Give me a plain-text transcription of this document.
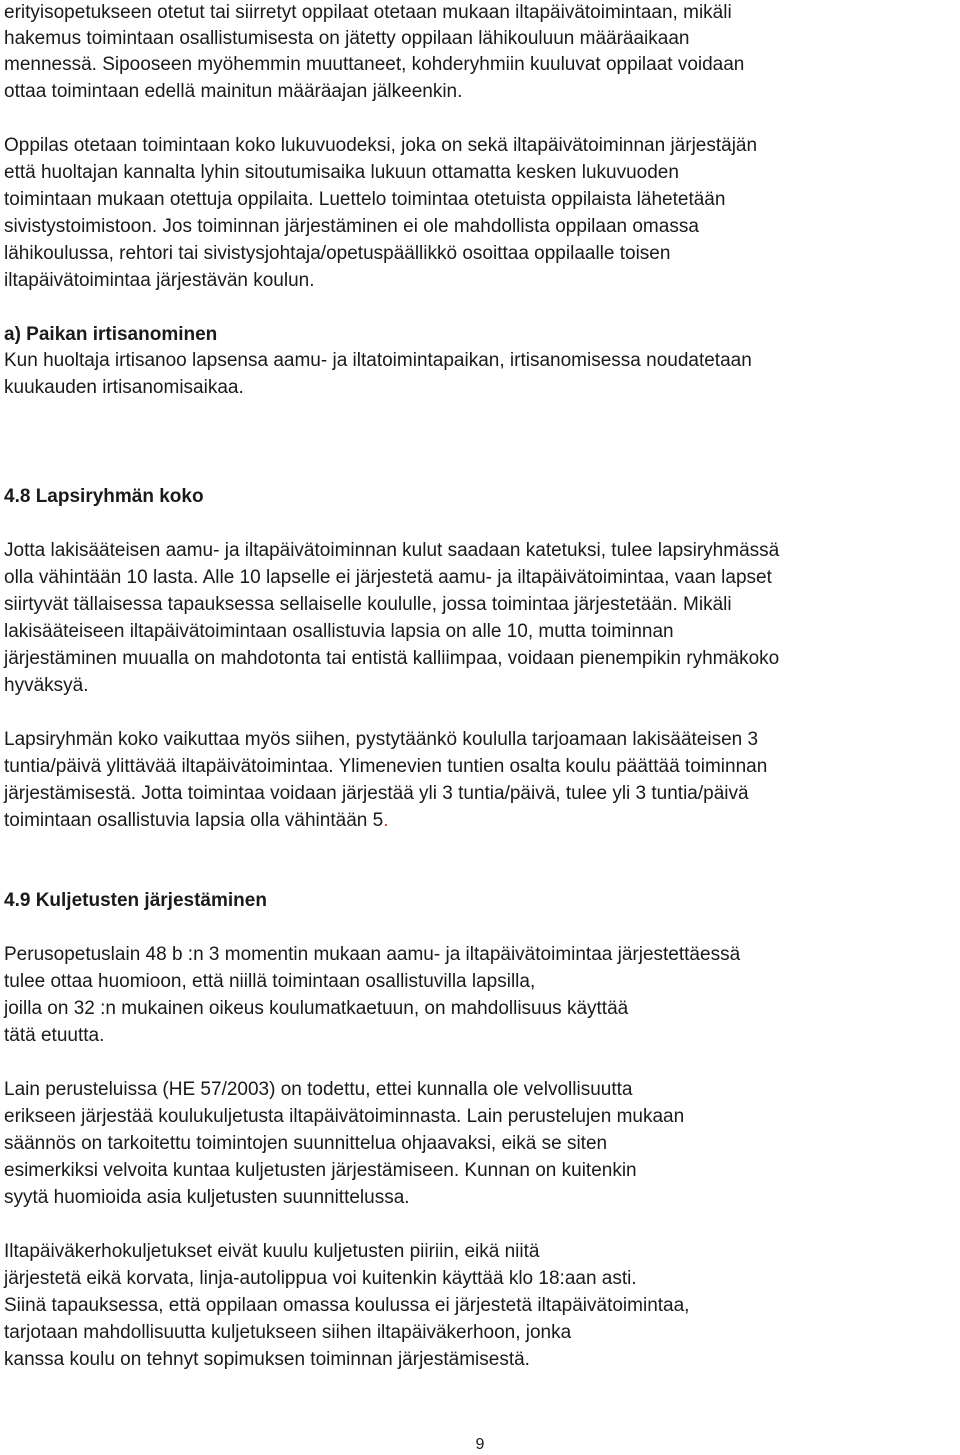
erityisopetukseen otetut tai siirretyt oppilaat otetaan mukaan iltapäivätoimintaan, mikäli
hakemus toimintaan osallistumisesta on jätetty oppilaan lähikouluun määräaikaan
mennessä. Sipooseen myöhemmin muuttaneet, kohderyhmiin kuuluvat oppilaat voidaan
ottaa toimintaan edellä mainitun määräajan jälkeenkin.
Oppilas otetaan toimintaan koko lukuvuodeksi, joka on sekä iltapäivätoiminnan järjestäjän
että huoltajan kannalta lyhin sitoutumisaika lukuun ottamatta kesken lukuvuoden
toimintaan mukaan otettuja oppilaita. Luettelo toimintaa otetuista oppilaista lähetetään
sivistystoimistoon. Jos toiminnan järjestäminen ei ole mahdollista oppilaan omassa
lähikoulussa, rehtori tai sivistysjohtaja/opetuspäällikkö osoittaa oppilaalle toisen
iltapäivätoimintaa järjestävän koulun.
a) Paikan irtisanominen
Kun huoltaja irtisanoo lapsensa aamu- ja iltatoimintapaikan, irtisanomisessa noudatetaan
kuukauden irtisanomisaikaa.
4.8 Lapsiryhmän koko
Jotta lakisääteisen aamu- ja iltapäivätoiminnan kulut saadaan katetuksi, tulee lapsiryhmässä
olla vähintään 10 lasta. Alle 10 lapselle ei järjestetä aamu- ja iltapäivätoimintaa, vaan lapset
siirtyvät tällaisessa tapauksessa sellaiselle koululle, jossa toimintaa järjestetään. Mikäli
lakisääteiseen iltapäivätoimintaan osallistuvia lapsia on alle 10, mutta toiminnan
järjestäminen muualla on mahdotonta tai entistä kalliimpaa, voidaan pienempikin ryhmäkoko
hyväksyä.
Lapsiryhmän koko vaikuttaa myös siihen, pystytäänkö koululla tarjoamaan lakisääteisen 3
tuntia/päivä ylittävää iltapäivätoimintaa. Ylimenevien tuntien osalta koulu päättää toiminnan
järjestämisestä. Jotta toimintaa voidaan järjestää yli 3 tuntia/päivä, tulee yli 3 tuntia/päivä
toimintaan osallistuvia lapsia olla vähintään 5.
4.9 Kuljetusten järjestäminen
Perusopetuslain 48 b :n 3 momentin mukaan aamu- ja iltapäivätoimintaa järjestettäessä
tulee ottaa huomioon, että niillä toimintaan osallistuvilla lapsilla,
joilla on 32 :n mukainen oikeus koulumatkaetuun, on mahdollisuus käyttää
tätä etuutta.
Lain perusteluissa (HE 57/2003) on todettu, ettei kunnalla ole velvollisuutta
erikseen järjestää koulukuljetusta iltapäivätoiminnasta. Lain perustelujen mukaan
säännös on tarkoitettu toimintojen suunnittelua ohjaavaksi, eikä se siten
esimerkiksi velvoita kuntaa kuljetusten järjestämiseen. Kunnan on kuitenkin
syytä huomioida asia kuljetusten suunnittelussa.
Iltapäiväkerhokuljetukset eivät kuulu kuljetusten piiriin, eikä niitä
järjestetä eikä korvata, linja-autolippua voi kuitenkin käyttää klo 18:aan asti.
Siinä tapauksessa, että oppilaan omassa koulussa ei järjestetä iltapäivätoimintaa,
tarjotaan mahdollisuutta kuljetukseen siihen iltapäiväkerhoon, jonka
kanssa koulu on tehnyt sopimuksen toiminnan järjestämisestä.
9
